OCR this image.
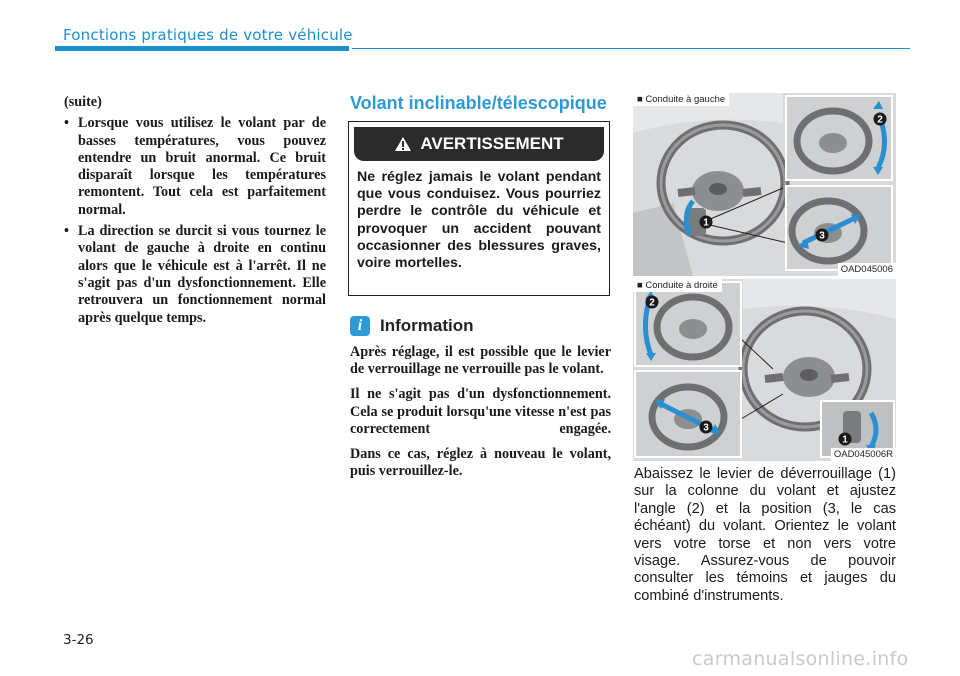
Fonctions pratiques de votre véhicule
(suite)
• Lorsque vous utilisez le volant par de basses températures, vous pouvez entendre un bruit anormal. Ce bruit disparaît lorsque les températures remontent. Tout cela est parfaitement normal.
• La direction se durcit si vous tournez le volant de gauche à droite en continu alors que le véhicule est à l'arrêt. Il ne s'agit pas d'un dysfonctionnement. Elle retrouvera un fonctionnement normal après quelque temps.
Volant inclinable/télescopique
AVERTISSEMENT
Ne réglez jamais le volant pendant que vous conduisez. Vous pourriez perdre le contrôle du véhicule et provoquer un accident pouvant occasionner des blessures graves, voire mortelles.
i	Information

Après réglage, il est possible que le levier de verrouillage ne verrouille pas le volant.

Il ne s'agit pas d'un dysfonctionnement. Cela se produit lorsqu'une vitesse n'est pas correctement engagée.

Dans ce cas, réglez à nouveau le volant, puis verrouillez-le.

■ Conduite à gauche
OAD045006
1
2
3
■ Conduite à droite
OAD045006R
1
2
3
Abaissez le levier de déverrouillage (1) sur la colonne du volant et ajustez l'angle (2) et la position (3, le cas échéant) du volant. Orientez le volant vers votre torse et non vers votre visage. Assurez-vous de pouvoir consulter les témoins et jauges du combiné d'instruments.
3-26
carmanualsonline.info
